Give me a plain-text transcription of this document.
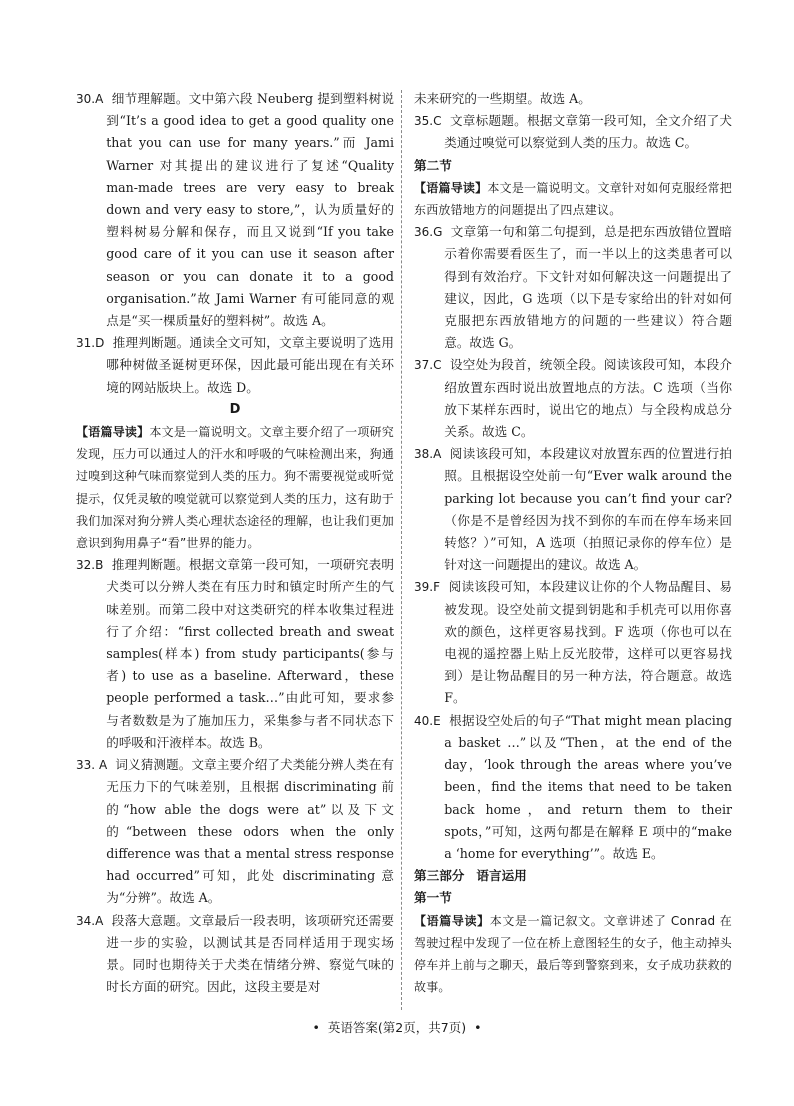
30.A 细节理解题。文中第六段 Neuberg 提到塑料树说到“It’s a good idea to get a good quality one that you can use for many years.”而 Jami Warner 对其提出的建议进行了复述“Quality man-made trees are very easy to break down and very easy to store,”，认为质量好的塑料树易分解和保存，而且又说到“If you take good care of it you can use it season after season or you can donate it to a good organisation.”故 Jami Warner 有可能同意的观点是“买一棵质量好的塑料树”。故选 A。

31.D 推理判断题。通读全文可知，文章主要说明了选用哪种树做圣诞树更环保，因此最可能出现在有关环境的网站版块上。故选 D。

D

【语篇导读】本文是一篇说明文。文章主要介绍了一项研究发现，压力可以通过人的汗水和呼吸的气味检测出来，狗通过嗅到这种气味而察觉到人类的压力。狗不需要视觉或听觉提示，仅凭灵敏的嗅觉就可以察觉到人类的压力，这有助于我们加深对狗分辨人类心理状态途径的理解，也让我们更加意识到狗用鼻子“看”世界的能力。

32.B 推理判断题。根据文章第一段可知，一项研究表明犬类可以分辨人类在有压力时和镇定时所产生的气味差别。而第二段中对这类研究的样本收集过程进行了介绍：“first collected breath and sweat samples(样本) from study participants(参与者) to use as a baseline. Afterward，these people performed a task…”由此可知，要求参与者数数是为了施加压力，采集参与者不同状态下的呼吸和汗液样本。故选 B。

33. A 词义猜测题。文章主要介绍了犬类能分辨人类在有无压力下的气味差别，且根据 discriminating 前的“how able the dogs were at”以及下文的“between these odors when the only difference was that a mental stress response had occurred”可知，此处 discriminating 意为“分辨”。故选 A。

34.A 段落大意题。文章最后一段表明，该项研究还需要进一步的实验，以测试其是否同样适用于现实场景。同时也期待关于犬类在情绪分辨、察觉气味的时长方面的研究。因此，这段主要是对

未来研究的一些期望。故选 A。

35.C 文章标题题。根据文章第一段可知，全文介绍了犬类通过嗅觉可以察觉到人类的压力。故选 C。

第二节

【语篇导读】本文是一篇说明文。文章针对如何克服经常把东西放错地方的问题提出了四点建议。

36.G 文章第一句和第二句提到，总是把东西放错位置暗示着你需要看医生了，而一半以上的这类患者可以得到有效治疗。下文针对如何解决这一问题提出了建议，因此，G 选项（以下是专家给出的针对如何克服把东西放错地方的问题的一些建议）符合题意。故选 G。

37.C 设空处为段首，统领全段。阅读该段可知，本段介绍放置东西时说出放置地点的方法。C 选项（当你放下某样东西时，说出它的地点）与全段构成总分关系。故选 C。

38.A 阅读该段可知，本段建议对放置东西的位置进行拍照。且根据设空处前一句“Ever walk around the parking lot because you can’t find your car?（你是不是曾经因为找不到你的车而在停车场来回转悠？）”可知，A 选项（拍照记录你的停车位）是针对这一问题提出的建议。故选 A。

39.F 阅读该段可知，本段建议让你的个人物品醒目、易被发现。设空处前文提到钥匙和手机壳可以用你喜欢的颜色，这样更容易找到。F 选项（你也可以在电视的遥控器上贴上反光胶带，这样可以更容易找到）是让物品醒目的另一种方法，符合题意。故选 F。

40.E 根据设空处后的句子“That might mean placing a basket …”以及“Then，at the end of the day，‘look through the areas where you’ve been，find the items that need to be taken back home，and return them to their spots，”可知，这两句都是在解释 E 项中的“make a ‘home for everything’”。故选 E。

第三部分 语言运用

第一节

【语篇导读】本文是一篇记叙文。文章讲述了 Conrad 在驾驶过程中发现了一位在桥上意图轻生的女子，他主动掉头停车并上前与之聊天，最后等到警察到来，女子成功获救的故事。

• 英语答案(第2页，共7页) •
